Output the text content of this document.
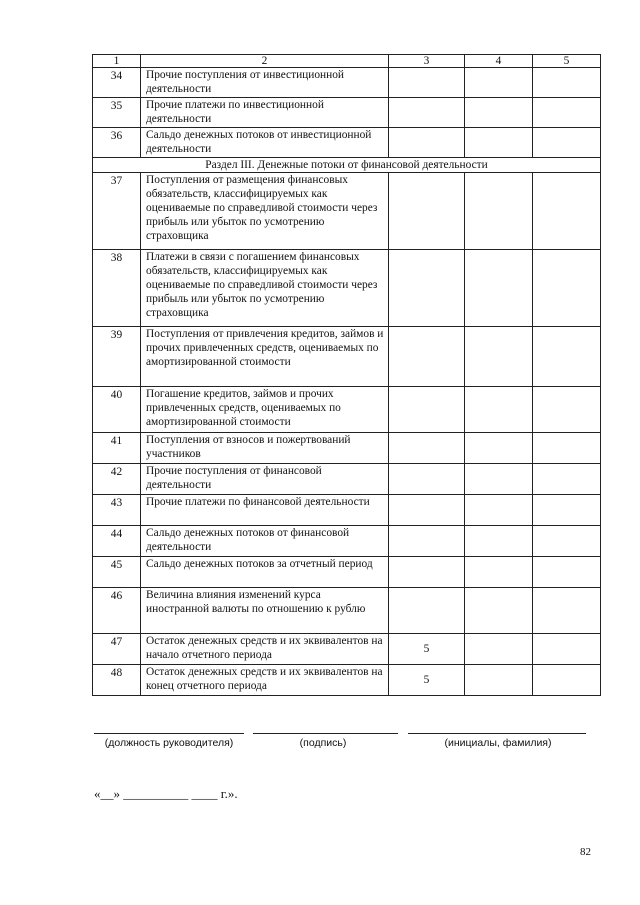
1	2	3	4	5
34	Прочие поступления от инвестиционной деятельности			
35	Прочие платежи по инвестиционной деятельности			
36	Сальдо денежных потоков от инвестиционной деятельности			
Раздел III. Денежные потоки от финансовой деятельности				
37	Поступления от размещения финансовых обязательств, классифицируемых как оцениваемые по справедливой стоимости через прибыль или убыток по усмотрению страховщика			
38	Платежи в связи с погашением финансовых обязательств, классифицируемых как оцениваемые по справедливой стоимости через прибыль или убыток по усмотрению страховщика			
39	Поступления от привлечения кредитов, займов и прочих привлеченных средств, оцениваемых по амортизированной стоимости			
40	Погашение кредитов, займов и прочих привлеченных средств, оцениваемых по амортизированной стоимости			
41	Поступления от взносов и пожертвований участников			
42	Прочие поступления от финансовой деятельности			
43	Прочие платежи по финансовой деятельности			
44	Сальдо денежных потоков от финансовой деятельности			
45	Сальдо денежных потоков за отчетный период			
46	Величина влияния изменений курса иностранной валюты по отношению к рублю			
47	Остаток денежных средств и их эквивалентов на начало отчетного периода	5		
48	Остаток денежных средств и их эквивалентов на конец отчетного периода	5		
(должность руководителя)	(подпись)	(инициалы, фамилия)
«__» __________ ____ г.».
82
